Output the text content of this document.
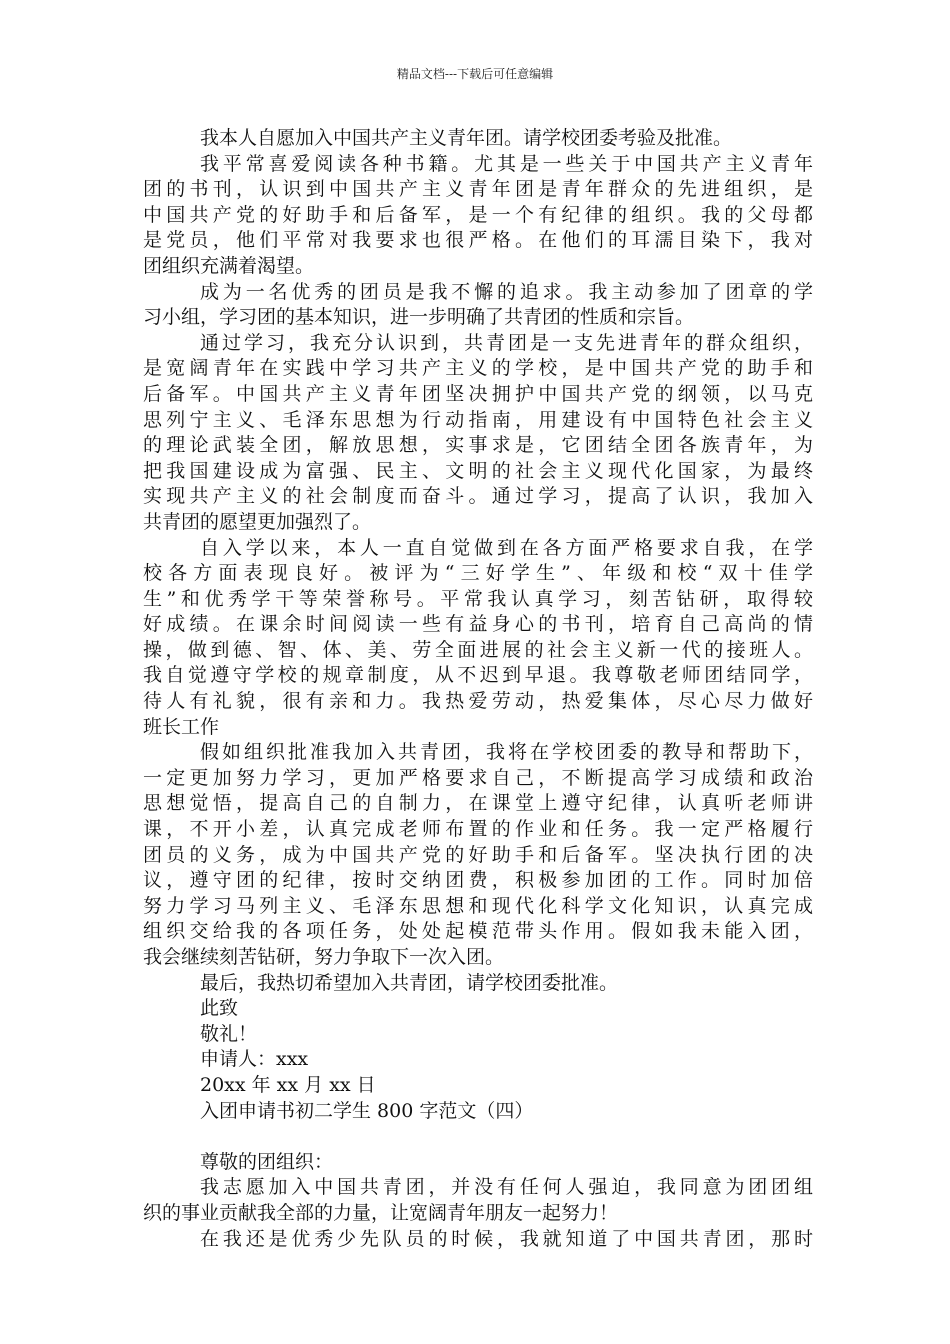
精品文档---下载后可任意编辑
我本人自愿加入中国共产主义青年团。请学校团委考验及批准。
我平常喜爱阅读各种书籍。尤其是一些关于中国共产主义青年
团的书刊，认识到中国共产主义青年团是青年群众的先进组织，是
中国共产党的好助手和后备军，是一个有纪律的组织。我的父母都
是党员，他们平常对我要求也很严格。在他们的耳濡目染下，我对
团组织充满着渴望。
成为一名优秀的团员是我不懈的追求。我主动参加了团章的学
习小组，学习团的基本知识，进一步明确了共青团的性质和宗旨。
通过学习，我充分认识到，共青团是一支先进青年的群众组织，
是宽阔青年在实践中学习共产主义的学校，是中国共产党的助手和
后备军。中国共产主义青年团坚决拥护中国共产党的纲领，以马克
思列宁主义、毛泽东思想为行动指南，用建设有中国特色社会主义
的理论武装全团，解放思想，实事求是，它团结全团各族青年，为
把我国建设成为富强、民主、文明的社会主义现代化国家，为最终
实现共产主义的社会制度而奋斗。通过学习，提高了认识，我加入
共青团的愿望更加强烈了。
自入学以来，本人一直自觉做到在各方面严格要求自我，在学
校各方面表现良好。被评为“三好学生”、年级和校“双十佳学
生”和优秀学干等荣誉称号。平常我认真学习，刻苦钻研，取得较
好成绩。在课余时间阅读一些有益身心的书刊，培育自己高尚的情
操，做到德、智、体、美、劳全面进展的社会主义新一代的接班人。
我自觉遵守学校的规章制度，从不迟到早退。我尊敬老师团结同学，
待人有礼貌，很有亲和力。我热爱劳动，热爱集体，尽心尽力做好
班长工作
假如组织批准我加入共青团，我将在学校团委的教导和帮助下，
一定更加努力学习，更加严格要求自己，不断提高学习成绩和政治
思想觉悟，提高自己的自制力，在课堂上遵守纪律，认真听老师讲
课，不开小差，认真完成老师布置的作业和任务。我一定严格履行
团员的义务，成为中国共产党的好助手和后备军。坚决执行团的决
议，遵守团的纪律，按时交纳团费，积极参加团的工作。同时加倍
努力学习马列主义、毛泽东思想和现代化科学文化知识，认真完成
组织交给我的各项任务，处处起模范带头作用。假如我未能入团，
我会继续刻苦钻研，努力争取下一次入团。
最后，我热切希望加入共青团，请学校团委批准。
此致
敬礼！
申请人：xxx
20xx 年 xx 月 xx 日
入团申请书初二学生 800 字范文（四）
尊敬的团组织：
我志愿加入中国共青团，并没有任何人强迫，我同意为团团组
织的事业贡献我全部的力量，让宽阔青年朋友一起努力！
在我还是优秀少先队员的时候，我就知道了中国共青团，那时
